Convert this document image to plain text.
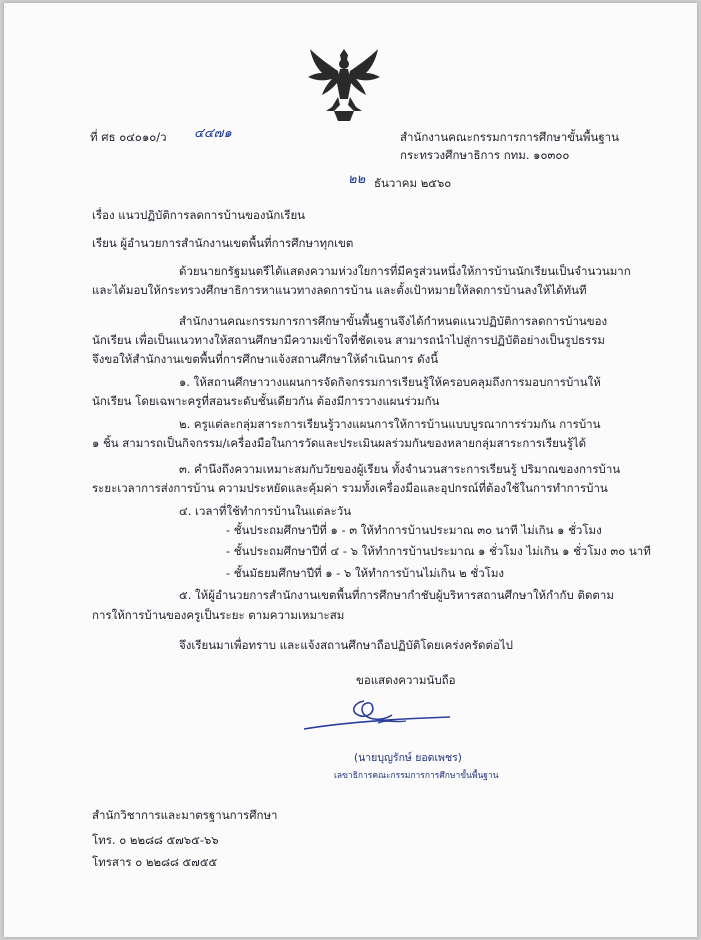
ที่ ศธ ๐๔๐๑๐/ว ๔๔๗๑	สำนักงานคณะกรรมการการศึกษาขั้นพื้นฐาน
กระทรวงศึกษาธิการ กทม. ๑๐๓๐๐
๒๒ ธันวาคม ๒๕๖๐
เรื่อง แนวปฏิบัติการลดการบ้านของนักเรียน
เรียน ผู้อำนวยการสำนักงานเขตพื้นที่การศึกษาทุกเขต
ด้วยนายกรัฐมนตรีได้แสดงความห่วงใยการที่มีครูส่วนหนึ่งให้การบ้านนักเรียนเป็นจำนวนมาก
และได้มอบให้กระทรวงศึกษาธิการหาแนวทางลดการบ้าน และตั้งเป้าหมายให้ลดการบ้านลงให้ได้ทันที
สำนักงานคณะกรรมการการศึกษาขั้นพื้นฐานจึงได้กำหนดแนวปฏิบัติการลดการบ้านของ
นักเรียน เพื่อเป็นแนวทางให้สถานศึกษามีความเข้าใจที่ชัดเจน สามารถนำไปสู่การปฏิบัติอย่างเป็นรูปธรรม
จึงขอให้สำนักงานเขตพื้นที่การศึกษาแจ้งสถานศึกษาให้ดำเนินการ ดังนี้
๑. ให้สถานศึกษาวางแผนการจัดกิจกรรมการเรียนรู้ให้ครอบคลุมถึงการมอบการบ้านให้
นักเรียน โดยเฉพาะครูที่สอนระดับชั้นเดียวกัน ต้องมีการวางแผนร่วมกัน
๒. ครูแต่ละกลุ่มสาระการเรียนรู้วางแผนการให้การบ้านแบบบูรณาการร่วมกัน การบ้าน
๑ ชิ้น สามารถเป็นกิจกรรม/เครื่องมือในการวัดและประเมินผลร่วมกันของหลายกลุ่มสาระการเรียนรู้ได้
๓. คำนึงถึงความเหมาะสมกับวัยของผู้เรียน ทั้งจำนวนสาระการเรียนรู้ ปริมาณของการบ้าน
ระยะเวลาการส่งการบ้าน ความประหยัดและคุ้มค่า รวมทั้งเครื่องมือและอุปกรณ์ที่ต้องใช้ในการทำการบ้าน
๔. เวลาที่ใช้ทำการบ้านในแต่ละวัน
- ชั้นประถมศึกษาปีที่ ๑ - ๓ ให้ทำการบ้านประมาณ ๓๐ นาที ไม่เกิน ๑ ชั่วโมง
- ชั้นประถมศึกษาปีที่ ๔ - ๖ ให้ทำการบ้านประมาณ ๑ ชั่วโมง ไม่เกิน ๑ ชั่วโมง ๓๐ นาที
- ชั้นมัธยมศึกษาปีที่ ๑ - ๖ ให้ทำการบ้านไม่เกิน ๒ ชั่วโมง
๕. ให้ผู้อำนวยการสำนักงานเขตพื้นที่การศึกษากำชับผู้บริหารสถานศึกษาให้กำกับ ติดตาม
การให้การบ้านของครูเป็นระยะ ตามความเหมาะสม
จึงเรียนมาเพื่อทราบ และแจ้งสถานศึกษาถือปฏิบัติโดยเคร่งครัดต่อไป
ขอแสดงความนับถือ
(นายบุญรักษ์ ยอดเพชร)
เลขาธิการคณะกรรมการการศึกษาขั้นพื้นฐาน
สำนักวิชาการและมาตรฐานการศึกษา
โทร. ๐ ๒๒๘๘ ๕๗๖๕-๖๖
โทรสาร ๐ ๒๒๘๘ ๕๗๕๕
